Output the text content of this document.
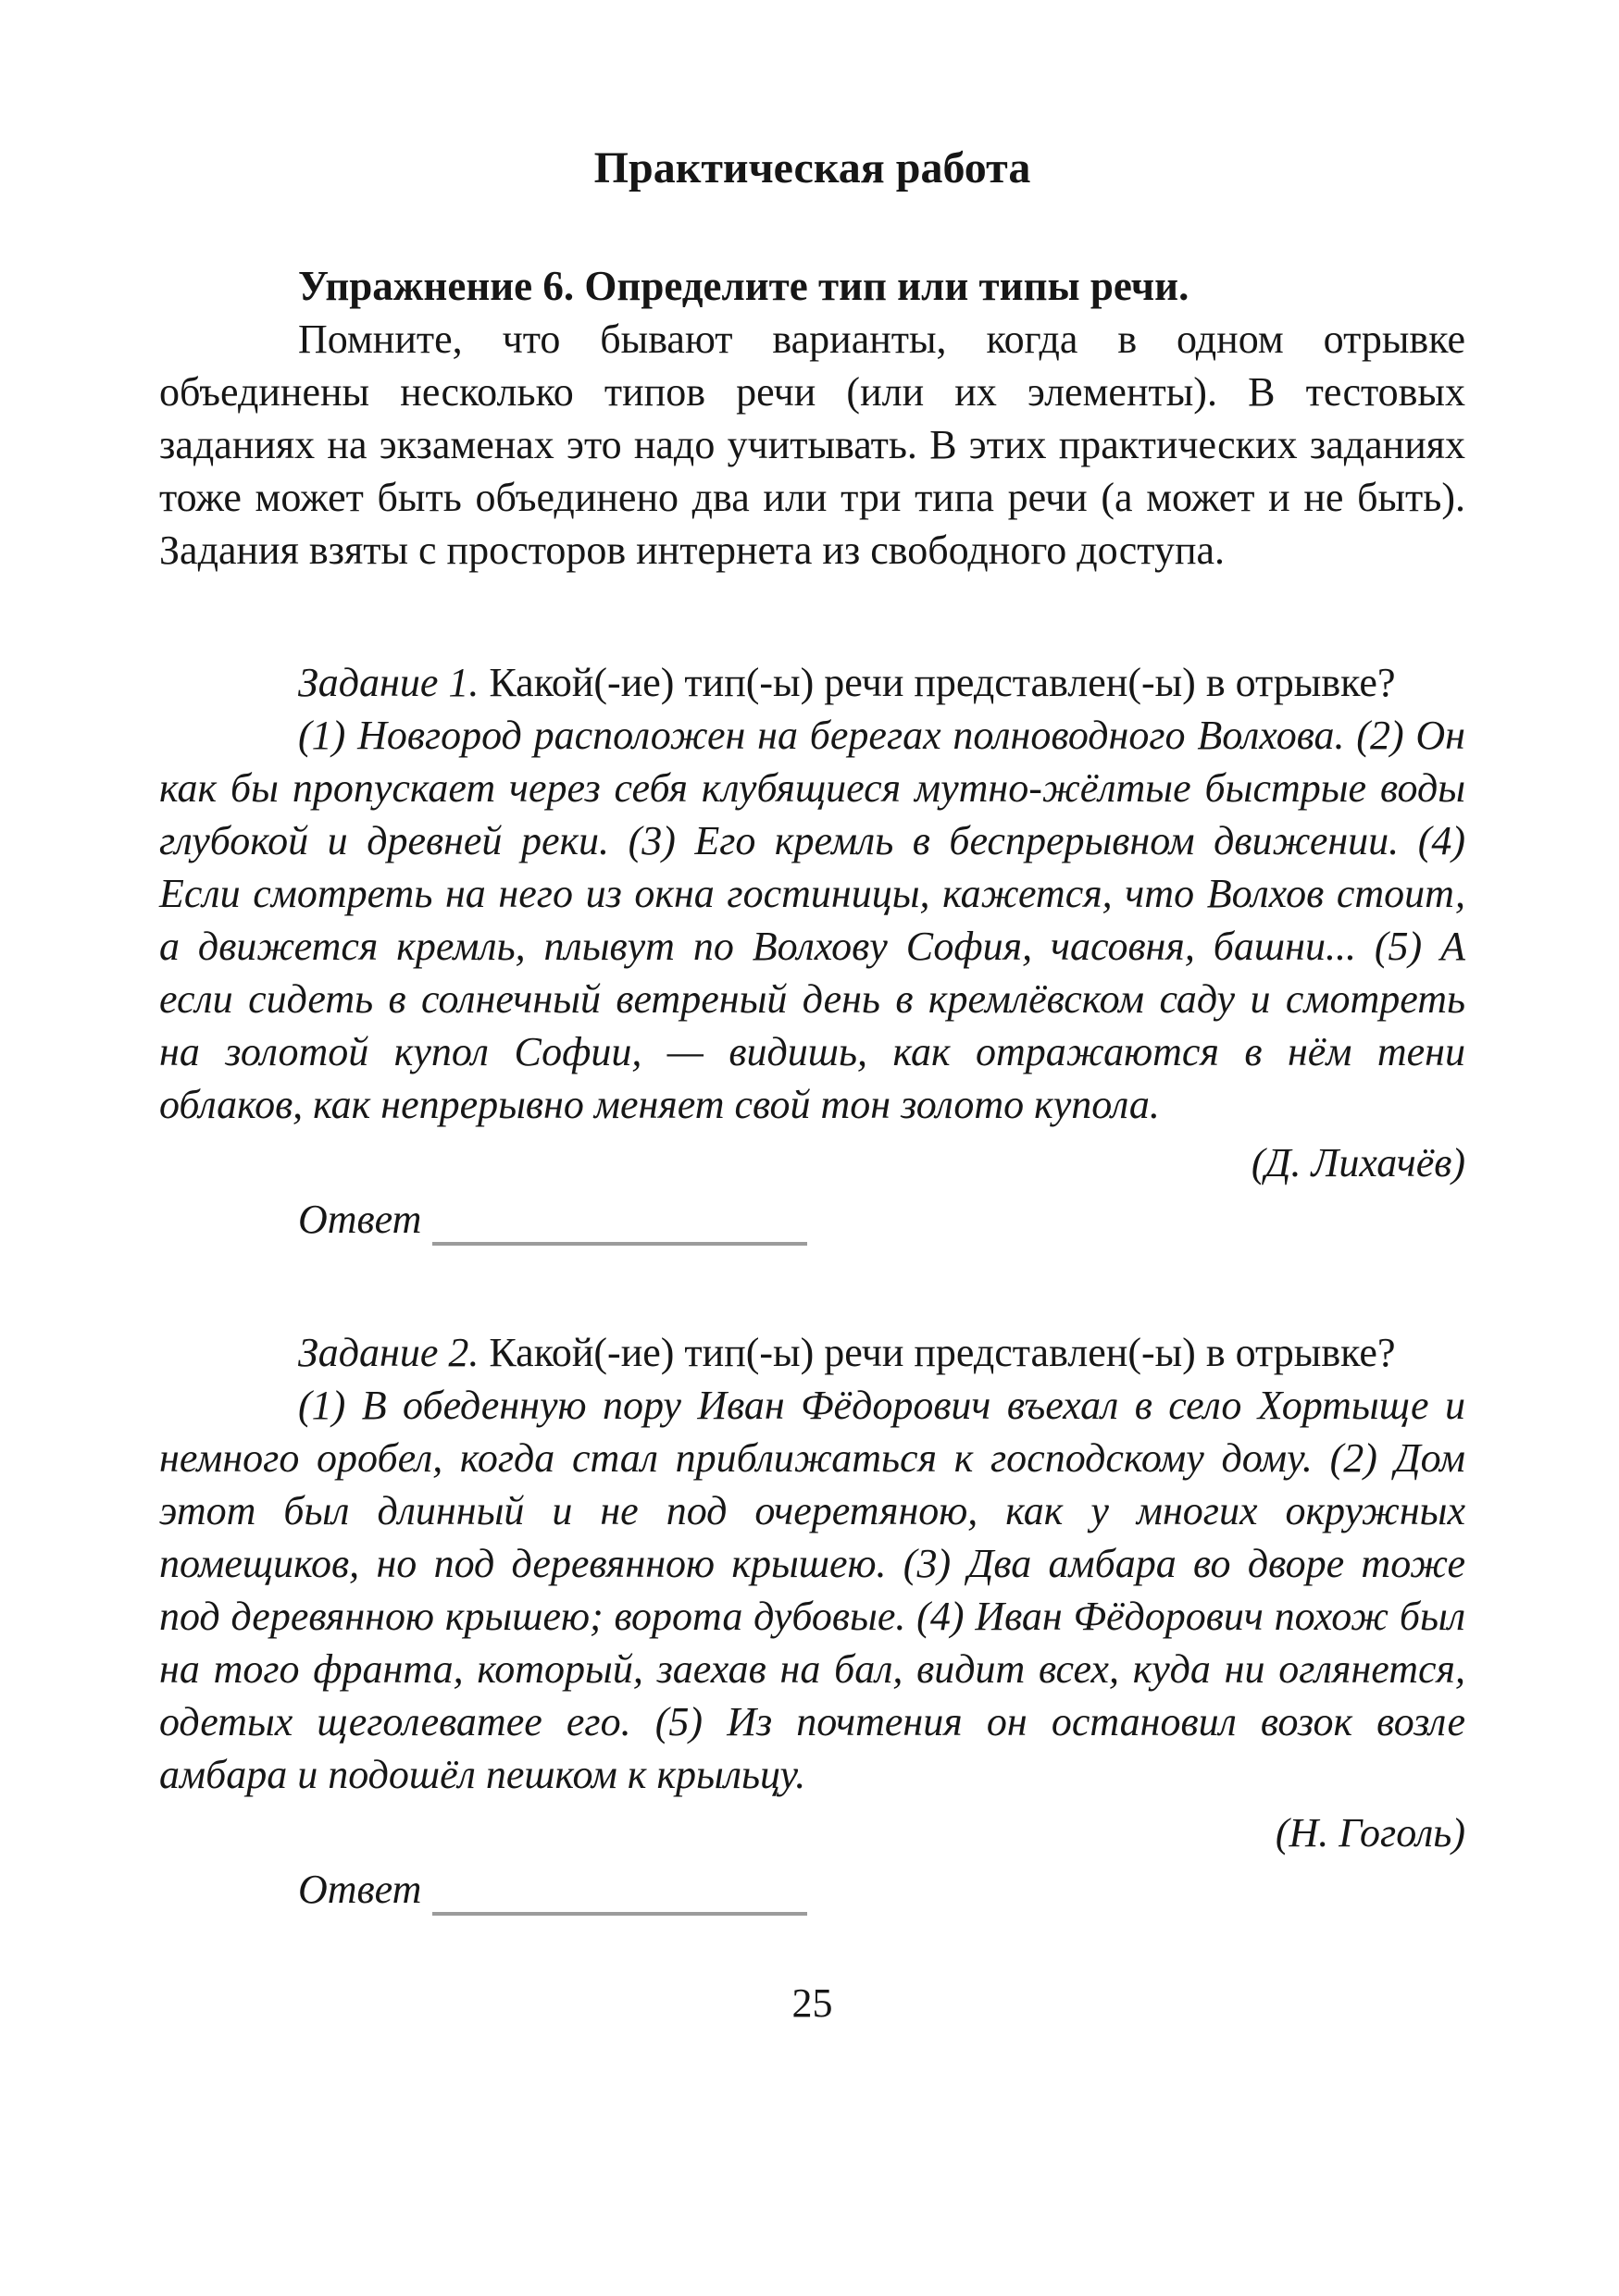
Практическая работа

Упражнение 6. Определите тип или типы речи.

Помните, что бывают варианты, когда в одном отрывке объединены несколько типов речи (или их элементы). В тестовых заданиях на экзаменах это надо учитывать. В этих практических заданиях тоже может быть объединено два или три типа речи (а может и не быть). Задания взяты с просторов интернета из свободного доступа.

Задание 1. Какой(-ие) тип(-ы) речи представлен(-ы) в отрывке?

(1) Новгород расположен на берегах полноводного Волхова. (2) Он как бы пропускает через себя клубящиеся мутно-жёлтые быстрые воды глубокой и древней реки. (3) Его кремль в беспрерывном движении. (4) Если смотреть на него из окна гостиницы, кажется, что Волхов стоит, а движется кремль, плывут по Волхову София, часовня, башни... (5) А если сидеть в солнечный ветреный день в кремлёвском саду и смотреть на золотой купол Софии, — видишь, как отражаются в нём тени облаков, как непрерывно меняет свой тон золото купола.

(Д. Лихачёв)

Ответ

Задание 2. Какой(-ие) тип(-ы) речи представлен(-ы) в отрывке?

(1) В обеденную пору Иван Фёдорович въехал в село Хортыще и немного оробел, когда стал приближаться к господскому дому. (2) Дом этот был длинный и не под очеретяною, как у многих окружных помещиков, но под деревянною крышею. (3) Два амбара во дворе тоже под деревянною крышею; ворота дубовые. (4) Иван Фёдорович похож был на того франта, который, заехав на бал, видит всех, куда ни оглянется, одетых щеголеватее его. (5) Из почтения он остановил возок возле амбара и подошёл пешком к крыльцу.

(Н. Гоголь)

Ответ
25
